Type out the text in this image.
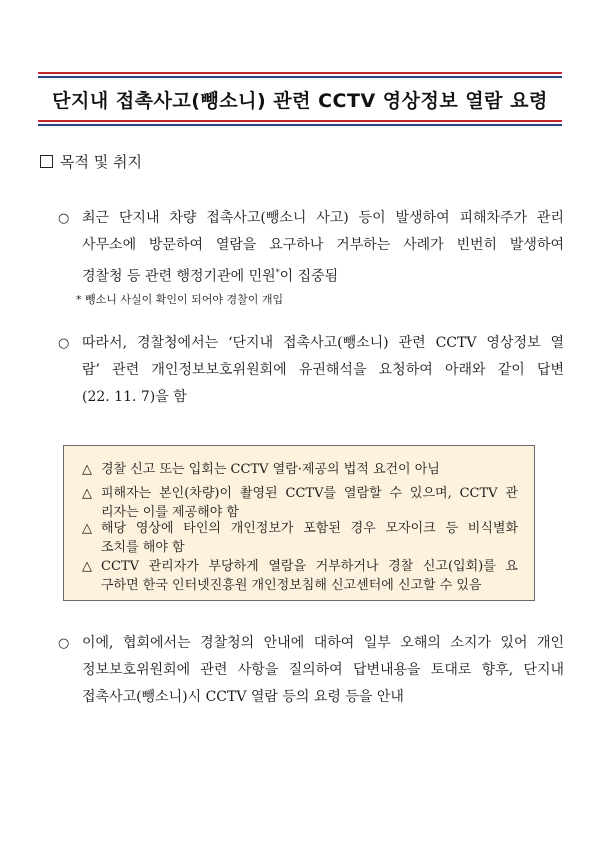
단지내 접촉사고(뺑소니) 관련 CCTV 영상정보 열람 요령
목적 및 취지
○ 최근 단지내 차량 접촉사고(뺑소니 사고) 등이 발생하여 피해차주가 관리
사무소에 방문하여 열람을 요구하나 거부하는 사례가 빈번히 발생하여
경찰청 등 관련 행정기관에 민원*이 집중됨
* 뺑소니 사실이 확인이 되어야 경찰이 개입
○ 따라서, 경찰청에서는 ‘단지내 접촉사고(뺑소니) 관련 CCTV 영상정보 열
람’ 관련 개인정보보호위원회에 유권해석을 요청하여 아래와 같이 답변
(22. 11. 7)을 함
△ 경찰 신고 또는 입회는 CCTV 열람·제공의 법적 요건이 아님
△ 피해자는 본인(차량)이 촬영된 CCTV를 열람할 수 있으며, CCTV 관
리자는 이를 제공해야 함
△ 해당 영상에 타인의 개인정보가 포함된 경우 모자이크 등 비식별화
조치를 해야 함
△ CCTV 관리자가 부당하게 열람을 거부하거나 경찰 신고(입회)를 요
구하면 한국 인터넷진흥원 개인정보침해 신고센터에 신고할 수 있음
○ 이에, 협회에서는 경찰청의 안내에 대하여 일부 오해의 소지가 있어 개인
정보보호위원회에 관련 사항을 질의하여 답변내용을 토대로 향후, 단지내
접촉사고(뺑소니)시 CCTV 열람 등의 요령 등을 안내
